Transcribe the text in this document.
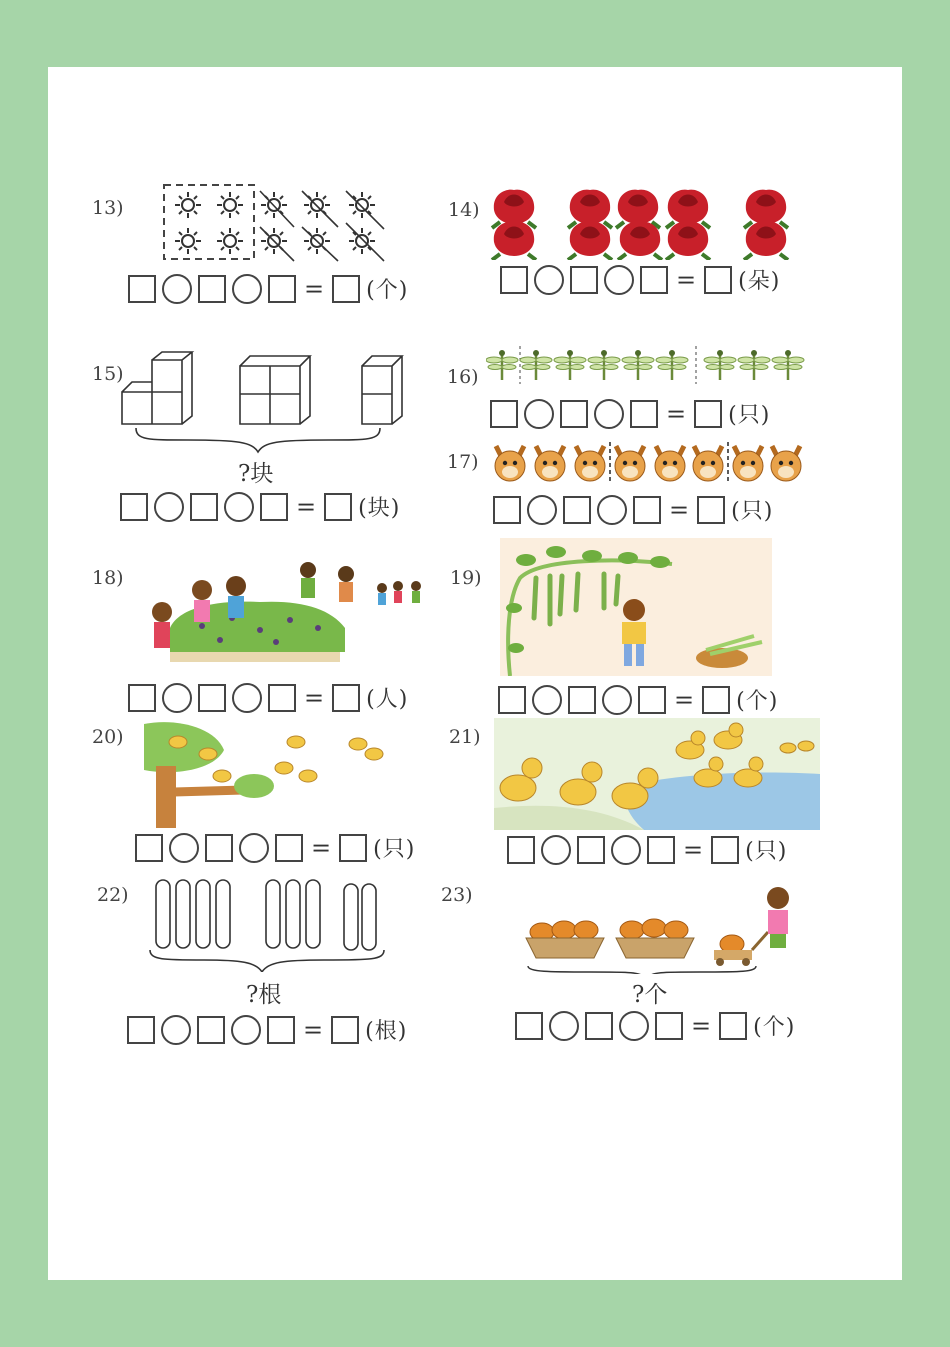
13)
= (个)
14)
= (朵)
15)
?块
= (块)
16)
= (只)
17)
= (只)
18)
= (人)
19)
= (个)
20)
= (只)
21)
= (只)
22)
?根
= (根)
23)
?个
= (个)
